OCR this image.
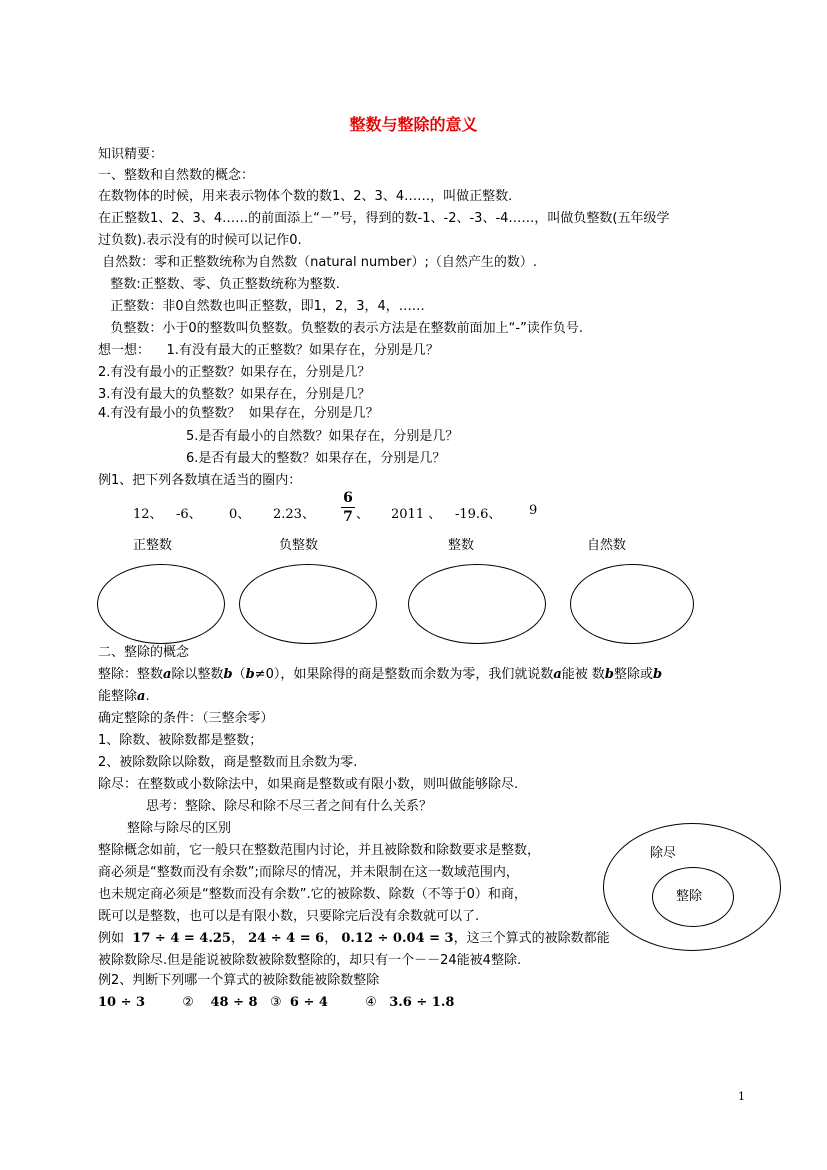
整数与整除的意义
知识精要：
一、整数和自然数的概念：
在数物体的时候，用来表示物体个数的数1、2、3、4……，叫做正整数.
在正整数1、2、3、4……的前面添上“－”号，得到的数-1、-2、-3、-4……，叫做负整数(五年级学
过负数).表示没有的时候可以记作0.
自然数：零和正整数统称为自然数（natural number）;（自然产生的数）.
整数:正整数、零、负正整数统称为整数.
正整数：非0自然数也叫正整数，即1，2，3，4，……
负整数：小于0的整数叫负整数。负整数的表示方法是在整数前面加上“-”读作负号.
想一想：    1.有没有最大的正整数？如果存在，分别是几？
2.有没有最小的正整数？如果存在，分别是几？
3.有没有最大的负整数？如果存在，分别是几？
4.有没有最小的负整数？  如果存在，分别是几？
5.是否有最小的自然数？如果存在，分别是几？
6.是否有最大的整数？如果存在，分别是几？
例1、把下列各数填在适当的圈内：
12、 -6、 0、 2.23、
6
7 、 2011 、 -19.6、 9
正整数	负整数	整数	自然数
二、整除的概念
整除：整数a除以整数b（b≠0），如果除得的商是整数而余数为零，我们就说数a能被 数b整除或b
能整除a.
确定整除的条件：（三整余零）
1、除数、被除数都是整数；
2、被除数除以除数，商是整数而且余数为零.
除尽：在整数或小数除法中，如果商是整数或有限小数，则叫做能够除尽.
思考：整除、除尽和除不尽三者之间有什么关系？
整除与除尽的区别
整除概念如前，它一般只在整数范围内讨论，并且被除数和除数要求是整数，
商必须是“整数而没有余数”;而除尽的情况，并未限制在这一数域范围内，
也未规定商必须是“整数而没有余数”.它的被除数、除数（不等于0）和商，
既可以是整数，也可以是有限小数，只要除完后没有余数就可以了.
例如 17 ÷ 4 = 4.25， 24 ÷ 4 = 6， 0.12 ÷ 0.04 = 3，这三个算式的被除数都能
被除数除尽.但是能说被除数被除数整除的，却只有一个－－24能被4整除.
除尽
整除
例2、判断下列哪一个算式的被除数能被除数整除
10 ÷ 3	② 48 ÷ 8 ③ 6 ÷ 4	④ 3.6 ÷ 1.8
1
